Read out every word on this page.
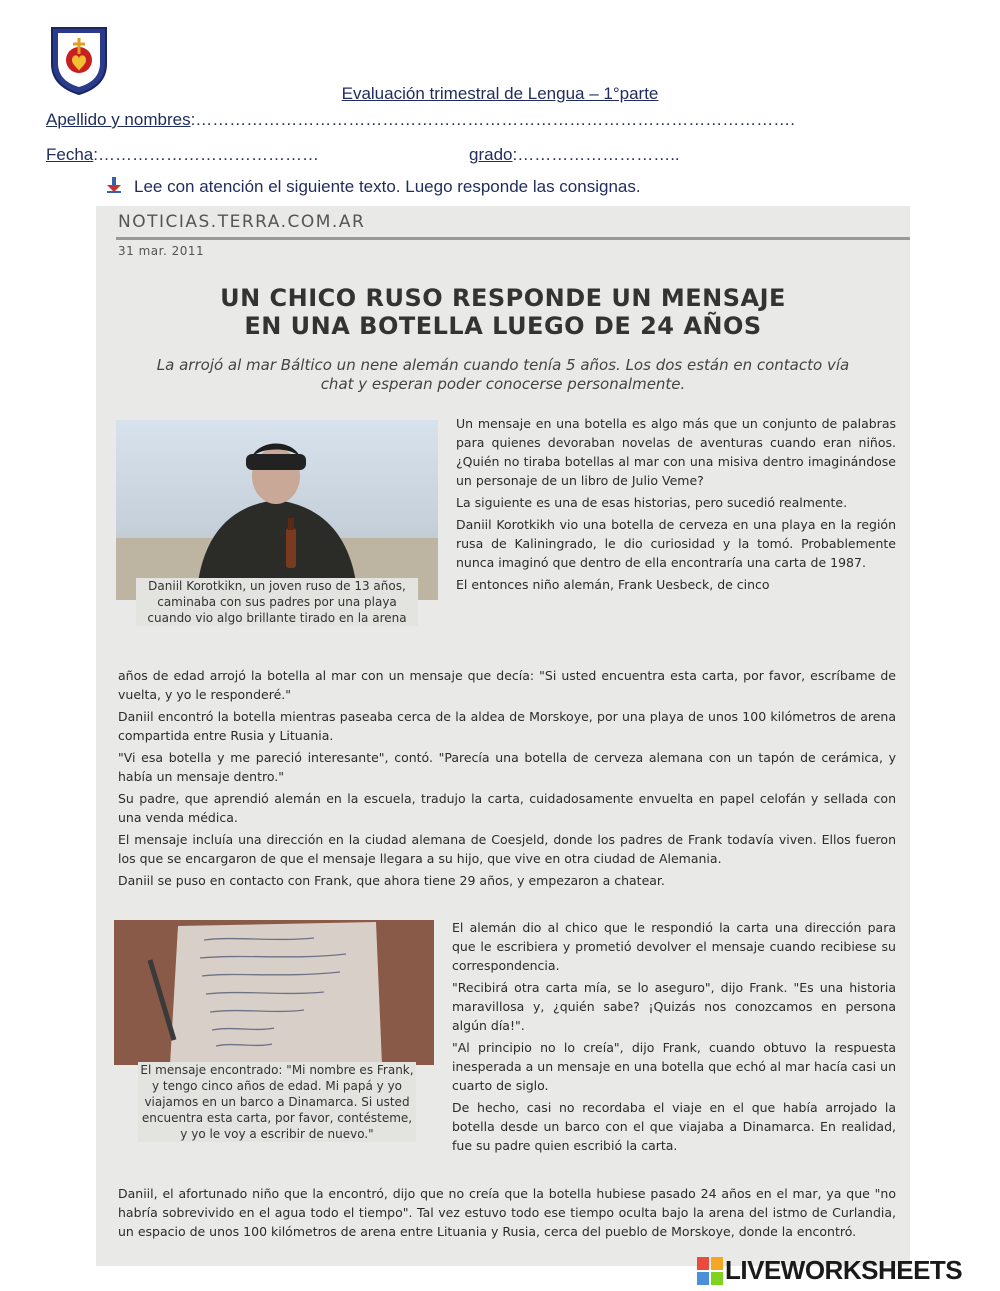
Evaluación trimestral de Lengua – 1°parte
Apellido y nombres:…………………………………………………………………………………………….
Fecha:…………………………………	grado:………………………..
Lee con atención el siguiente texto. Luego responde las consignas.
NOTICIAS.TERRA.COM.AR
31 mar. 2011
UN CHICO RUSO RESPONDE UN MENSAJE
EN UNA BOTELLA LUEGO DE 24 AÑOS
La arrojó al mar Báltico un nene alemán cuando tenía 5 años. Los dos están en contacto vía chat y esperan poder conocerse personalmente.
Daniil Korotkikn, un joven ruso de 13 años, caminaba con sus padres por una playa cuando vio algo brillante tirado en la arena

Un mensaje en una botella es algo más que un conjunto de palabras para quienes devoraban novelas de aventuras cuando eran niños. ¿Quién no tiraba botellas al mar con una misiva dentro imaginándose un personaje de un libro de Julio Veme?

La siguiente es una de esas historias, pero sucedió realmente.

Daniil Korotkikh vio una botella de cerveza en una playa en la región rusa de Kaliningrado, le dio curiosidad y la tomó. Probablemente nunca imaginó que dentro de ella encontraría una carta de 1987.

El entonces niño alemán, Frank Uesbeck, de cinco

años de edad arrojó la botella al mar con un mensaje que decía: "Si usted encuentra esta carta, por favor, escríbame de vuelta, y yo le responderé."

Daniil encontró la botella mientras paseaba cerca de la aldea de Morskoye, por una playa de unos 100 kilómetros de arena compartida entre Rusia y Lituania.

"Vi esa botella y me pareció interesante", contó. "Parecía una botella de cerveza alemana con un tapón de cerámica, y había un mensaje dentro."

Su padre, que aprendió alemán en la escuela, tradujo la carta, cuidadosamente envuelta en papel celofán y sellada con una venda médica.

El mensaje incluía una dirección en la ciudad alemana de Coesjeld, donde los padres de Frank todavía viven. Ellos fueron los que se encargaron de que el mensaje llegara a su hijo, que vive en otra ciudad de Alemania.

Daniil se puso en contacto con Frank, que ahora tiene 29 años, y empezaron a chatear.

El mensaje encontrado: "Mi nombre es Frank, y tengo cinco años de edad. Mi papá y yo viajamos en un barco a Dinamarca. Si usted encuentra esta carta, por favor, contésteme, y yo le voy a escribir de nuevo."

El alemán dio al chico que le respondió la carta una dirección para que le escribiera y prometió devolver el mensaje cuando recibiese su correspondencia.

"Recibirá otra carta mía, se lo aseguro", dijo Frank. "Es una historia maravillosa y, ¿quién sabe? ¡Quizás nos conozcamos en persona algún día!".

"Al principio no lo creía", dijo Frank, cuando obtuvo la respuesta inesperada a un mensaje en una botella que echó al mar hacía casi un cuarto de siglo.

De hecho, casi no recordaba el viaje en el que había arrojado la botella desde un barco con el que viajaba a Dinamarca. En realidad, fue su padre quien escribió la carta.

Daniil, el afortunado niño que la encontró, dijo que no creía que la botella hubiese pasado 24 años en el mar, ya que "no habría sobrevivido en el agua todo el tiempo". Tal vez estuvo todo ese tiempo oculta bajo la arena del istmo de Curlandia, un espacio de unos 100 kilómetros de arena entre Lituania y Rusia, cerca del pueblo de Morskoye, donde la encontró.

LIVEWORKSHEETS
